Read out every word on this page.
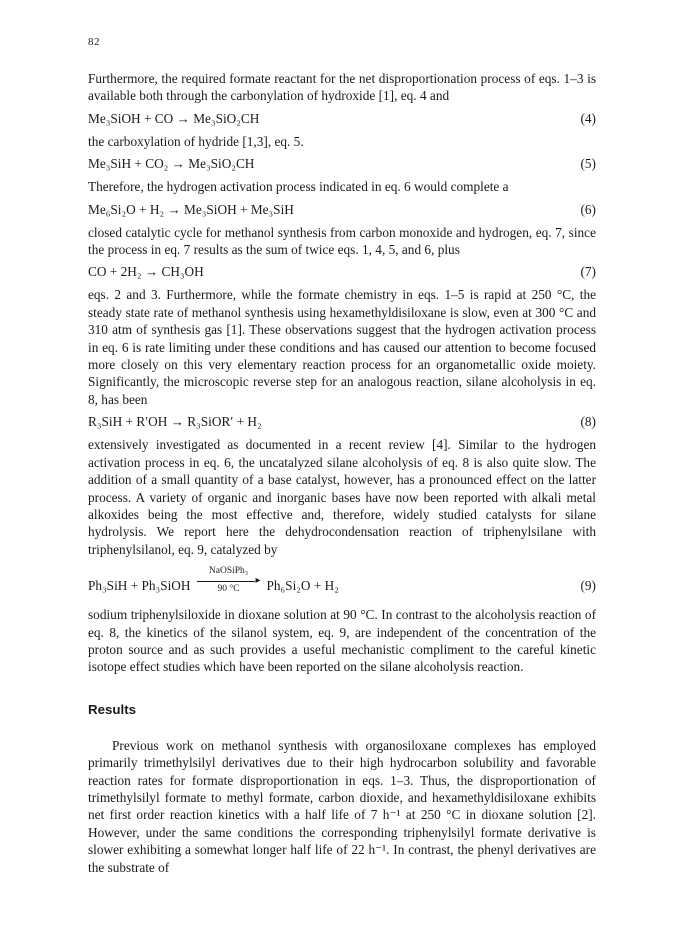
82

Furthermore, the required formate reactant for the net disproportionation process of eqs. 1–3 is available both through the carbonylation of hydroxide [1], eq. 4 and

Me₃SiOH + CO → Me₃SiO₂CH	(4)

the carboxylation of hydride [1,3], eq. 5.

Me₃SiH + CO₂ → Me₃SiO₂CH	(5)

Therefore, the hydrogen activation process indicated in eq. 6 would complete a

Me₆Si₂O + H₂ → Me₃SiOH + Me₃SiH	(6)

closed catalytic cycle for methanol synthesis from carbon monoxide and hydrogen, eq. 7, since the process in eq. 7 results as the sum of twice eqs. 1, 4, 5, and 6, plus

CO + 2H₂ → CH₃OH	(7)

eqs. 2 and 3. Furthermore, while the formate chemistry in eqs. 1–5 is rapid at 250 °C, the steady state rate of methanol synthesis using hexamethyldisiloxane is slow, even at 300 °C and 310 atm of synthesis gas [1]. These observations suggest that the hydrogen activation process in eq. 6 is rate limiting under these conditions and has caused our attention to become focused more closely on this very elementary reaction process for an organometallic oxide moiety. Significantly, the microscopic reverse step for an analogous reaction, silane alcoholysis in eq. 8, has been

R₃SiH + R′OH → R₃SiOR′ + H₂	(8)

extensively investigated as documented in a recent review [4]. Similar to the hydrogen activation process in eq. 6, the uncatalyzed silane alcoholysis of eq. 8 is also quite slow. The addition of a small quantity of a base catalyst, however, has a pronounced effect on the latter process. A variety of organic and inorganic bases have now been reported with alkali metal alkoxides being the most effective and, therefore, widely studied catalysts for silane hydrolysis. We report here the dehydrocondensation reaction of triphenylsilane with triphenylsilanol, eq. 9, catalyzed by

Ph₃SiH + Ph₃SiOH
NaOSiPh₃
▸
90 °C	Ph₆Si₂O + H₂	(9)

sodium triphenylsiloxide in dioxane solution at 90 °C. In contrast to the alcoholysis reaction of eq. 8, the kinetics of the silanol system, eq. 9, are independent of the concentration of the proton source and as such provides a useful mechanistic compliment to the careful kinetic isotope effect studies which have been reported on the silane alcoholysis reaction.

Results

Previous work on methanol synthesis with organosiloxane complexes has employed primarily trimethylsilyl derivatives due to their high hydrocarbon solubility and favorable reaction rates for formate disproportionation in eqs. 1–3. Thus, the disproportionation of trimethylsilyl formate to methyl formate, carbon dioxide, and hexamethyldisiloxane exhibits net first order reaction kinetics with a half life of 7 h⁻¹ at 250 °C in dioxane solution [2]. However, under the same conditions the corresponding triphenylsilyl formate derivative is slower exhibiting a somewhat longer half life of 22 h⁻¹. In contrast, the phenyl derivatives are the substrate of
